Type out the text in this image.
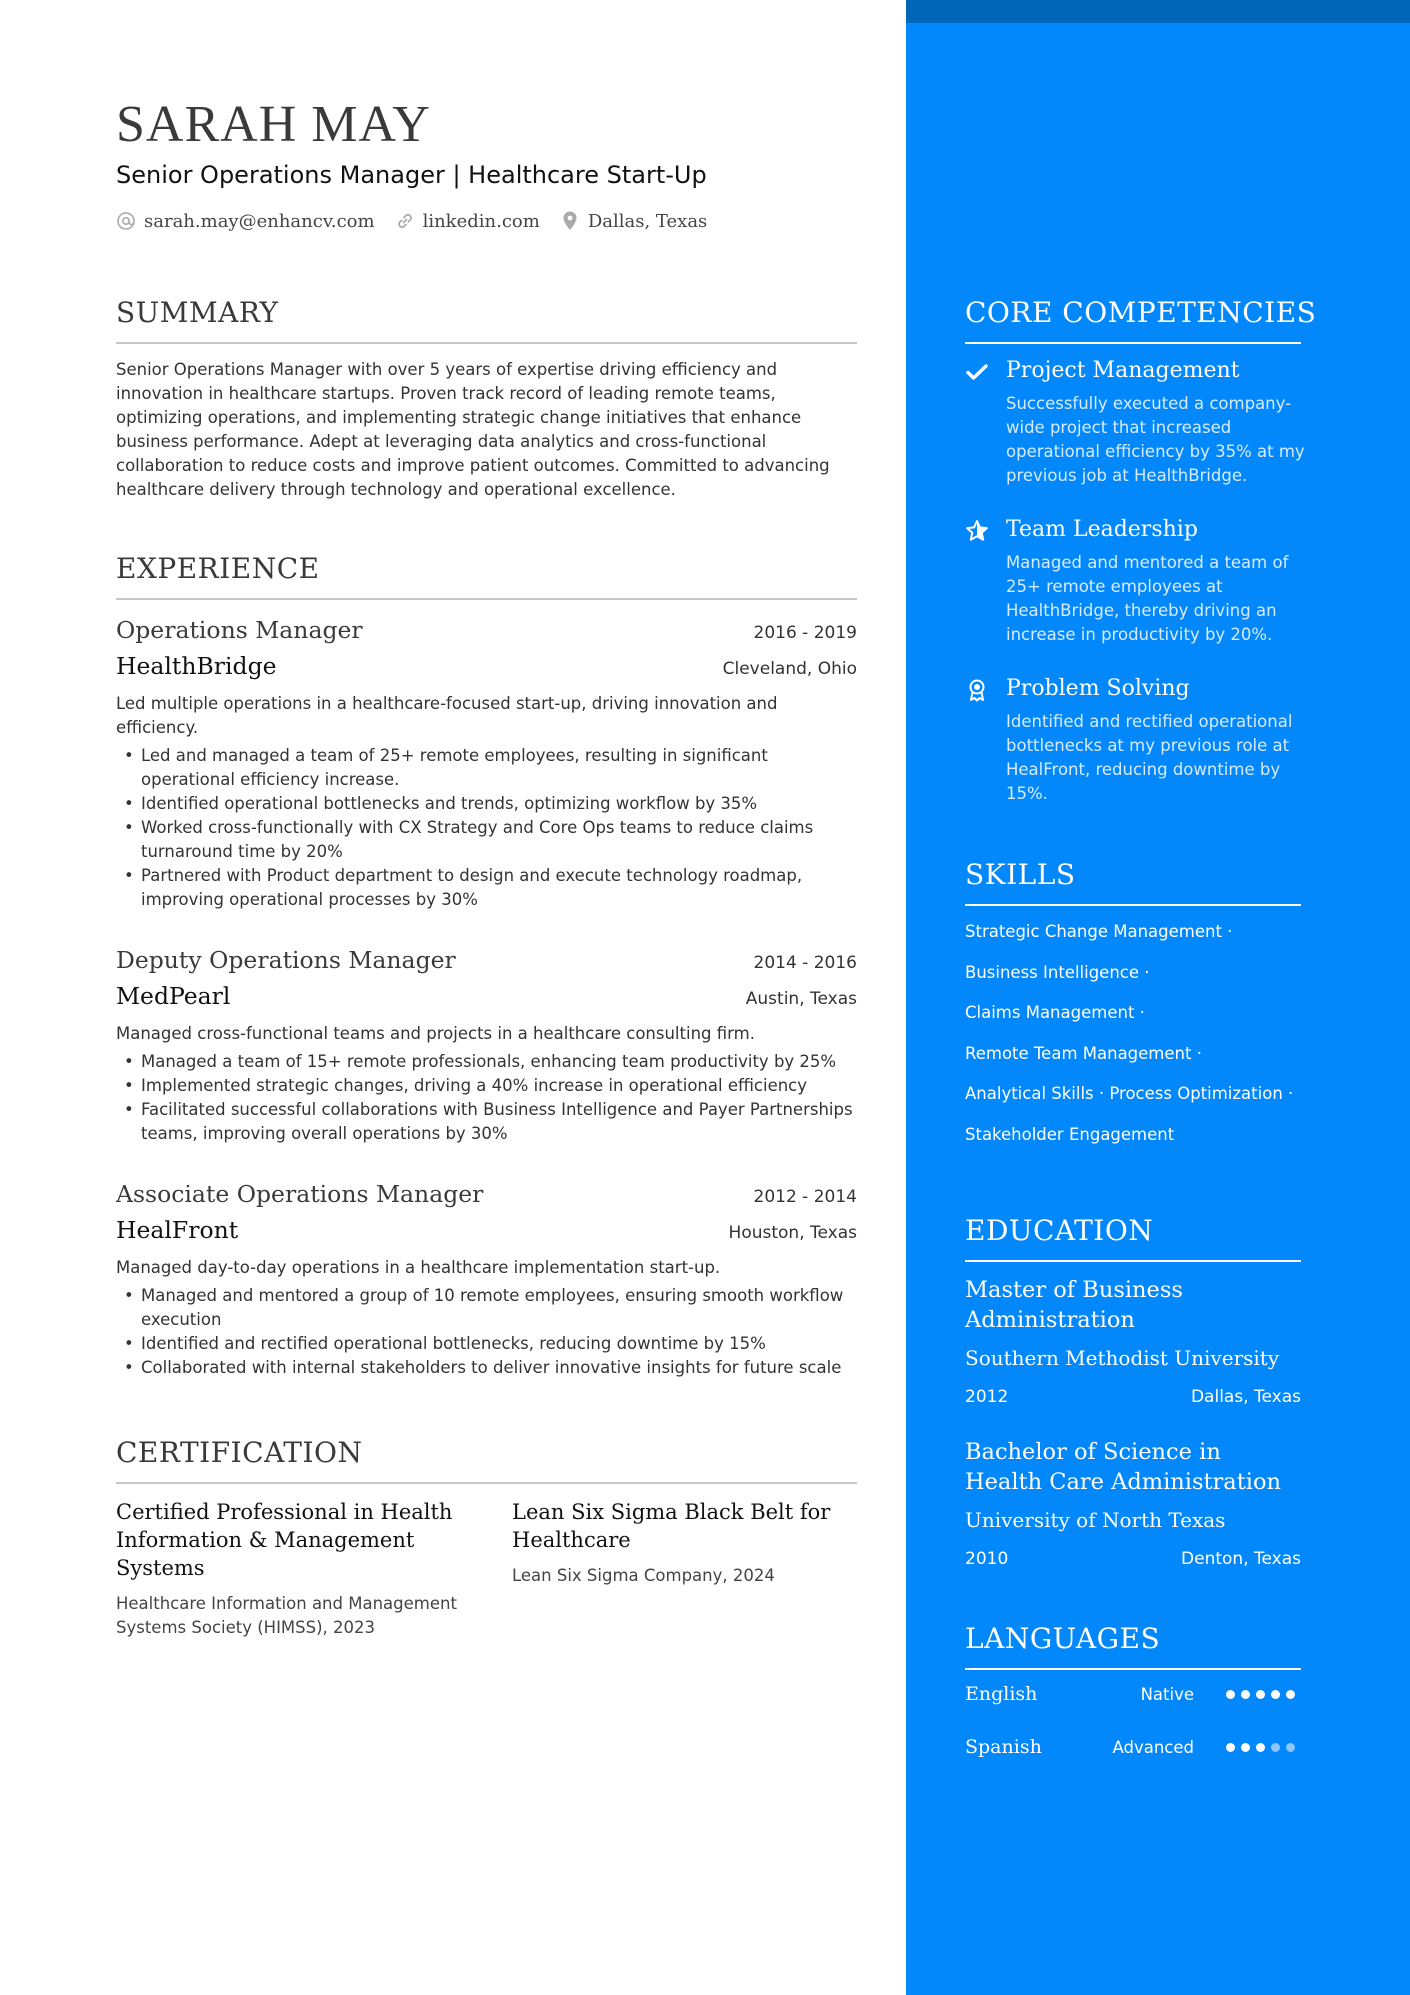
SARAH MAY
Senior Operations Manager | Healthcare Start-Up
sarah.may@enhancv.com	linkedin.com	Dallas, Texas
SUMMARY

Senior Operations Manager with over 5 years of expertise driving efficiency and innovation in healthcare startups. Proven track record of leading remote teams, optimizing operations, and implementing strategic change initiatives that enhance business performance. Adept at leveraging data analytics and cross-functional collaboration to reduce costs and improve patient outcomes. Committed to advancing healthcare delivery through technology and operational excellence.

EXPERIENCE
Operations Manager	2016 - 2019
HealthBridge	Cleveland, Ohio

Led multiple operations in a healthcare-focused start-up, driving innovation and efficiency.

• Led and managed a team of 25+ remote employees, resulting in significant operational efficiency increase.
• Identified operational bottlenecks and trends, optimizing workflow by 35%
• Worked cross-functionally with CX Strategy and Core Ops teams to reduce claims turnaround time by 20%
• Partnered with Product department to design and execute technology roadmap, improving operational processes by 30%
Deputy Operations Manager	2014 - 2016
MedPearl	Austin, Texas

Managed cross-functional teams and projects in a healthcare consulting firm.

• Managed a team of 15+ remote professionals, enhancing team productivity by 25%
• Implemented strategic changes, driving a 40% increase in operational efficiency
• Facilitated successful collaborations with Business Intelligence and Payer Partnerships teams, improving overall operations by 30%
Associate Operations Manager	2012 - 2014
HealFront	Houston, Texas

Managed day-to-day operations in a healthcare implementation start-up.

• Managed and mentored a group of 10 remote employees, ensuring smooth workflow execution
• Identified and rectified operational bottlenecks, reducing downtime by 15%
• Collaborated with internal stakeholders to deliver innovative insights for future scale
CERTIFICATION

Certified Professional in Health Information & Management Systems

Healthcare Information and Management Systems Society (HIMSS), 2023

Lean Six Sigma Black Belt for Healthcare

Lean Six Sigma Company, 2024

CORE COMPETENCIES

Project Management

Successfully executed a company-wide project that increased operational efficiency by 35% at my previous job at HealthBridge.

Team Leadership

Managed and mentored a team of 25+ remote employees at HealthBridge, thereby driving an increase in productivity by 20%.

Problem Solving

Identified and rectified operational bottlenecks at my previous role at HealFront, reducing downtime by 15%.

SKILLS
Strategic Change Management ·
Business Intelligence ·
Claims Management ·
Remote Team Management ·
Analytical Skills · Process Optimization ·
Stakeholder Engagement
EDUCATION

Master of Business Administration

Southern Methodist University

2012	Dallas, Texas

Bachelor of Science in Health Care Administration

University of North Texas

2010	Denton, Texas
LANGUAGES
English	Native
Spanish	Advanced
